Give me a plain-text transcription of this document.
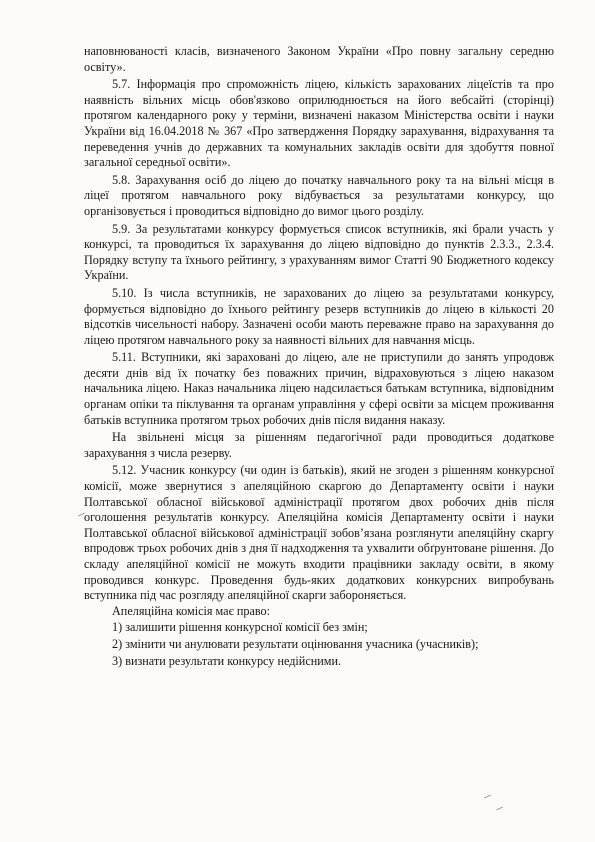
наповнюваності класів, визначеного Законом України «Про повну загальну середню освіту».

5.7. Інформація про спроможність ліцею, кількість зарахованих ліцеїстів та про наявність вільних місць обов'язково оприлюднюється на його вебсайті (сторінці) протягом календарного року у терміни, визначені наказом Міністерства освіти і науки України від 16.04.2018 № 367 «Про затвердження Порядку зарахування, відрахування та переведення учнів до державних та комунальних закладів освіти для здобуття повної загальної середньої освіти».

5.8. Зарахування осіб до ліцею до початку навчального року та на вільні місця в ліцеї протягом навчального року відбувається за результатами конкурсу, що організовується і проводиться відповідно до вимог цього розділу.

5.9. За результатами конкурсу формується список вступників, які брали участь у конкурсі, та проводиться їх зарахування до ліцею відповідно до пунктів 2.3.3., 2.3.4. Порядку вступу та їхнього рейтингу, з урахуванням вимог Статті 90 Бюджетного кодексу України.

5.10. Із числа вступників, не зарахованих до ліцею за результатами конкурсу, формується відповідно до їхнього рейтингу резерв вступників до ліцею в кількості 20 відсотків чисельності набору. Зазначені особи мають переважне право на зарахування до ліцею протягом навчального року за наявності вільних для навчання місць.

5.11. Вступники, які зараховані до ліцею, але не приступили до занять упродовж десяти днів від їх початку без поважних причин, відраховуються з ліцею наказом начальника ліцею. Наказ начальника ліцею надсилається батькам вступника, відповідним органам опіки та піклування та органам управління у сфері освіти за місцем проживання батьків вступника протягом трьох робочих днів після видання наказу.

На звільнені місця за рішенням педагогічної ради проводиться додаткове зарахування з числа резерву.

5.12. Учасник конкурсу (чи один із батьків), який не згоден з рішенням конкурсної комісії, може звернутися з апеляційною скаргою до Департаменту освіти і науки Полтавської обласної військової адміністрації протягом двох робочих днів після оголошення результатів конкурсу. Апеляційна комісія Департаменту освіти і науки Полтавської обласної військової адміністрації зобов’язана розглянути апеляційну скаргу впродовж трьох робочих днів з дня її надходження та ухвалити обґрунтоване рішення. До складу апеляційної комісії не можуть входити працівники закладу освіти, в якому проводився конкурс. Проведення будь-яких додаткових конкурсних випробувань вступника під час розгляду апеляційної скарги забороняється.

Апеляційна комісія має право:

1) залишити рішення конкурсної комісії без змін;

2) змінити чи анулювати результати оцінювання учасника (учасників);

3) визнати результати конкурсу недійсними.
